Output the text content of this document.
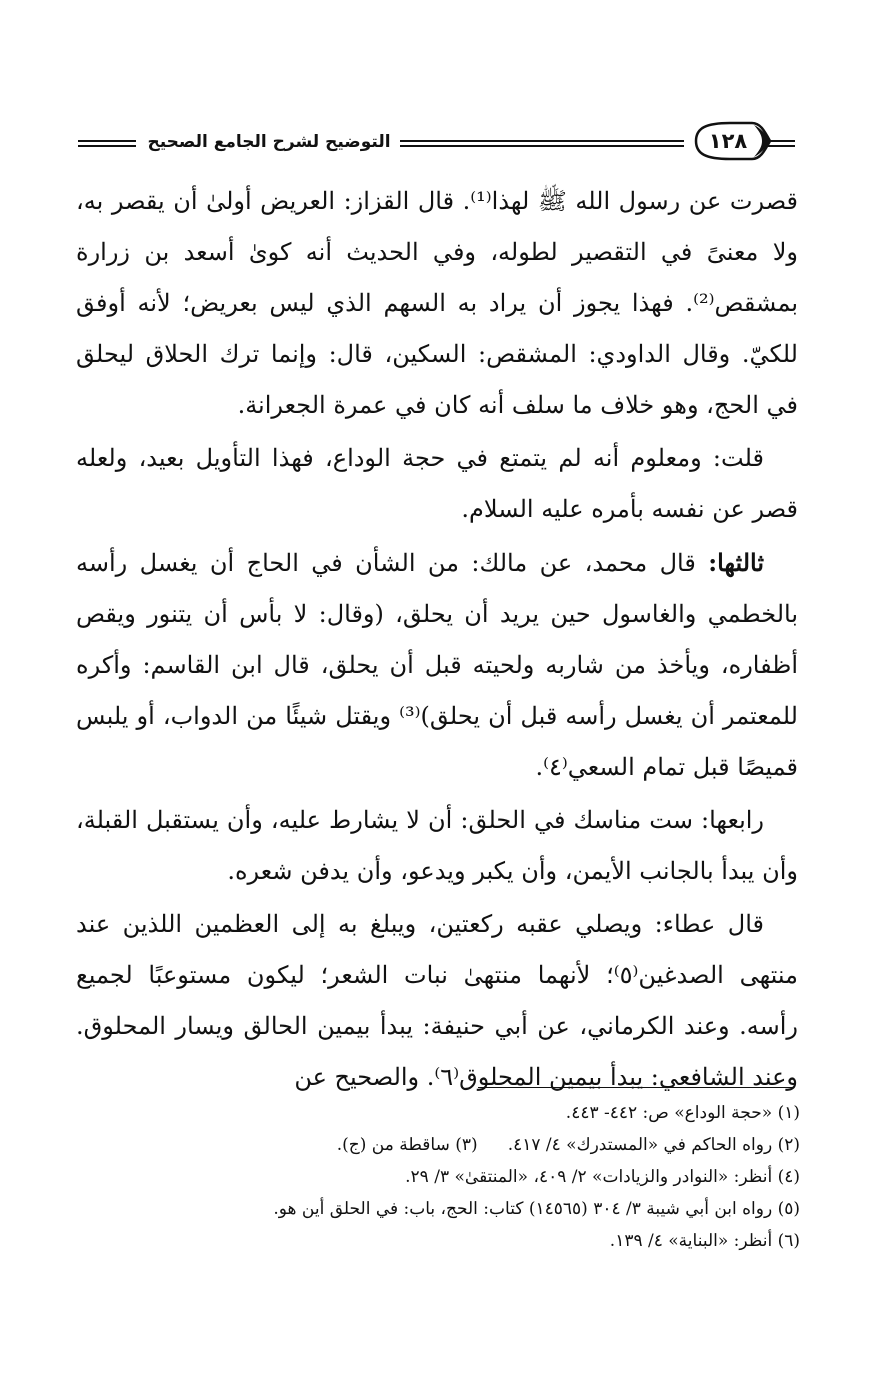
التوضيح لشرح الجامع الصحيح	١٢٨

قصرت عن رسول الله ﷺ لهذا⁽¹⁾. قال القزاز: العريض أولىٰ أن يقصر به، ولا معنىً في التقصير لطوله، وفي الحديث أنه كوىٰ أسعد بن زرارة بمشقص⁽²⁾. فهذا يجوز أن يراد به السهم الذي ليس بعريض؛ لأنه أوفق للكيّ. وقال الداودي: المشقص: السكين، قال: وإنما ترك الحلاق ليحلق في الحج، وهو خلاف ما سلف أنه كان في عمرة الجعرانة.

قلت: ومعلوم أنه لم يتمتع في حجة الوداع، فهذا التأويل بعيد، ولعله قصر عن نفسه بأمره عليه السلام.

ثالثها: قال محمد، عن مالك: من الشأن في الحاج أن يغسل رأسه بالخطمي والغاسول حين يريد أن يحلق، (وقال: لا بأس أن يتنور ويقص أظفاره، ويأخذ من شاربه ولحيته قبل أن يحلق، قال ابن القاسم: وأكره للمعتمر أن يغسل رأسه قبل أن يحلق)⁽³⁾ ويقتل شيئًا من الدواب، أو يلبس قميصًا قبل تمام السعي⁽٤⁾.

رابعها: ست مناسك في الحلق: أن لا يشارط عليه، وأن يستقبل القبلة، وأن يبدأ بالجانب الأيمن، وأن يكبر ويدعو، وأن يدفن شعره.

قال عطاء: ويصلي عقبه ركعتين، ويبلغ به إلى العظمين اللذين عند منتهى الصدغين⁽٥⁾؛ لأنهما منتهىٰ نبات الشعر؛ ليكون مستوعبًا لجميع رأسه. وعند الكرماني، عن أبي حنيفة: يبدأ بيمين الحالق ويسار المحلوق. وعند الشافعي: يبدأ بيمين المحلوق⁽٦⁾. والصحيح عن

(١) «حجة الوداع» ص: ٤٤٢- ٤٤٣.
(٢) رواه الحاكم في «المستدرك» ٤/ ٤١٧.(٣) ساقطة من (ج).
(٤) أنظر: «النوادر والزيادات» ٢/ ٤٠٩، «المنتقىٰ» ٣/ ٢٩.
(٥) رواه ابن أبي شيبة ٣/ ٣٠٤ (١٤٥٦٥) كتاب: الحج، باب: في الحلق أين هو.
(٦) أنظر: «البناية» ٤/ ١٣٩.
